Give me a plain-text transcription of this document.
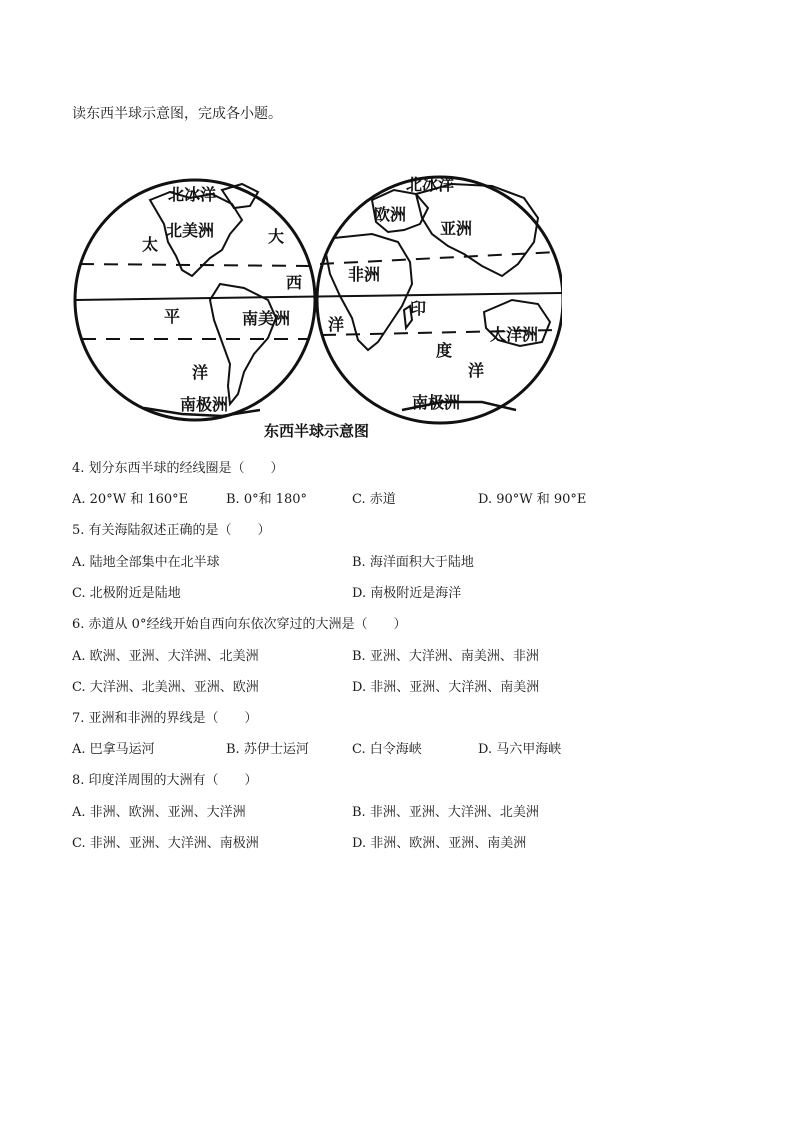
读东西半球示意图，完成各小题。
北冰洋
北美洲
太	大
西
平	南美洲
洋
南极洲
北冰洋
欧洲
亚洲
非洲
印
洋
大洋洲
度
洋
南极洲
东西半球示意图
4. 划分东西半球的经线圈是（　　）
A. 20°W 和 160°E	B. 0°和 180°	C. 赤道	D. 90°W 和 90°E
5. 有关海陆叙述正确的是（　　）
A. 陆地全部集中在北半球	B. 海洋面积大于陆地
C. 北极附近是陆地	D. 南极附近是海洋
6. 赤道从 0°经线开始自西向东依次穿过的大洲是（　　）
A. 欧洲、亚洲、大洋洲、北美洲	B. 亚洲、大洋洲、南美洲、非洲
C. 大洋洲、北美洲、亚洲、欧洲	D. 非洲、亚洲、大洋洲、南美洲
7. 亚洲和非洲的界线是（　　）
A. 巴拿马运河	B. 苏伊士运河	C. 白令海峡	D. 马六甲海峡
8. 印度洋周围的大洲有（　　）
A. 非洲、欧洲、亚洲、大洋洲	B. 非洲、亚洲、大洋洲、北美洲
C. 非洲、亚洲、大洋洲、南极洲	D. 非洲、欧洲、亚洲、南美洲
